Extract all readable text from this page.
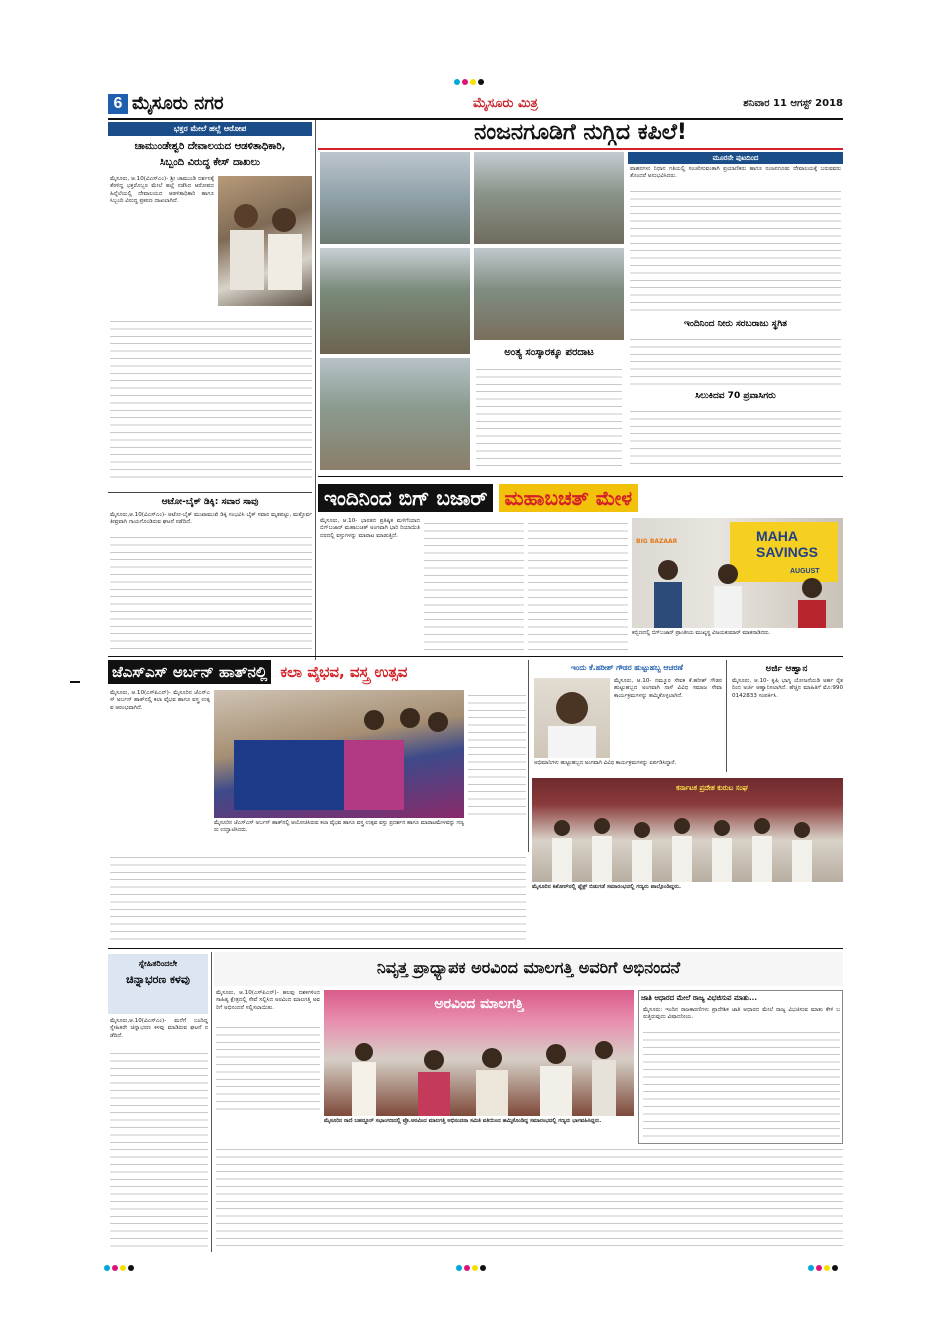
6 ಮೈಸೂರು ನಗರ	ಮೈಸೂರು ಮಿತ್ರ	ಶನಿವಾರ 11 ಆಗಸ್ಟ್ 2018
ಭಕ್ತರ ಮೇಲೆ ಹಲ್ಲೆ ಆರೋಪ
ಚಾಮುಂಡೇಶ್ವರಿ ದೇವಾಲಯದ ಆಡಳಿತಾಧಿಕಾರಿ,
ಸಿಬ್ಬಂದಿ ವಿರುದ್ಧ ಕೇಸ್ ದಾಖಲು
ಮೈಸೂರು, ಆ.10(ವಿಎಸ್‌ಎಂ)- ಶ್ರೀ ಚಾಮುಂಡಿ ದರ್ಶನಕ್ಕೆ ತೆರಳಿದ್ದ ಭಕ್ತರೊಬ್ಬರ ಮೇಲೆ ಹಲ್ಲೆ ನಡೆಸಿದ ಆರೋಪದ ಹಿನ್ನೆಲೆಯಲ್ಲಿ ದೇವಾಲಯದ ಆಡಳಿತಾಧಿಕಾರಿ ಹಾಗೂ ಸಿಬ್ಬಂದಿ ವಿರುದ್ಧ ಪ್ರಕರಣ ದಾಖಲಾಗಿದೆ.
ಆಟೋ-ಬೈಕ್ ಡಿಕ್ಕಿ: ಸವಾರ ಸಾವು
ಮೈಸೂರು,ಆ.10(ವಿಎಸ್‌ಎಂ)- ಆಟೋ-ಬೈಕ್ ಮುಖಾಮುಖಿ ಡಿಕ್ಕಿ ಸಂಭವಿಸಿ ಬೈಕ್ ಸವಾರ ಮೃತಪಟ್ಟು, ಮತ್ತೊರ್ವ ತೀವ್ರವಾಗಿ ಗಾಯಗೊಂಡಿರುವ ಘಟನೆ ನಡೆದಿದೆ.
ನಂಜನಗೂಡಿಗೆ ನುಗ್ಗಿದ ಕಪಿಲೆ!
ಅಂತ್ಯ ಸಂಸ್ಕಾರಕ್ಕೂ ಪರದಾಟ
ಮೂರನೇ ಪುಟದಿಂದ
ವಾಹನಗಳು ನಿಧಾನ ಗತಿಯಲ್ಲಿ ಸಂಚರಿಸುವಂತಾಗಿ ಪ್ರಯಾಣಿಕರು ಹಾಗೂ ನಂಜನಗೂಡು ದೇವಾಲಯಕ್ಕೆ ಬರುವವರು ತೊಂದರೆ ಅನುಭವಿಸಿದರು.
ಇಂದಿನಿಂದ ನೀರು ಸರಬರಾಜು ಸ್ಥಗಿತ
ಸಿಲುಕಿದವ 70 ಪ್ರವಾಸಿಗರು
ಇಂದಿನಿಂದ ಬಿಗ್ ಬಜಾರ್ ಮಹಾಬಚತ್ ಮೇಳ
ಮೈಸೂರು, ಆ.10- ಭಾರತದ ಪ್ರತಿಷ್ಠಿತ ಮಳಿಗೆಯಾದ ಬಿಗ್‌ಬಜಾರ್ ಮಹಾಬಚತ್ ಅಂಗವಾಗಿ ಭಾರಿ ರಿಯಾಯಿತಿ ದರದಲ್ಲಿ ವಸ್ತುಗಳನ್ನು ಮಾರಾಟ ಮಾಡುತ್ತಿದೆ.
BIG BAZAAR	MAHA
SAVINGS
AUGUST
ಕಬ್ಬಿಣದಲ್ಲಿ ಬಿಗ್‌ಬಜಾರ್ ಪ್ರಾಂತೀಯ ಮುಖ್ಯಸ್ಥ ವಿಜಯಕುಮಾರ್ ಮಾತನಾಡಿದರು.
ಜೆಎಸ್‌ಎಸ್ ಅರ್ಬನ್ ಹಾತ್‌ನಲ್ಲಿ ಕಲಾ ವೈಭವ, ವಸ್ತ್ರ ಉತ್ಸವ
ಮೈಸೂರು, ಆ.10(ಎಸ್‌ಪಿಎನ್)- ಮೈಸೂರಿನ ಜೆಎಸ್‌ಎಸ್ ಅರ್ಬನ್ ಹಾತ್‌ನಲ್ಲಿ ಕಲಾ ವೈಭವ ಹಾಗೂ ವಸ್ತ್ರ ಉತ್ಸವ ಆರಂಭವಾಗಿದೆ.
ಮೈಸೂರಿನ ಜೆಎಸ್‌ಎಸ್ ಅರ್ಬನ್ ಹಾತ್‌ನಲ್ಲಿ ಆಯೋಜಿಸಿರುವ ಕಲಾ ವೈಭವ ಹಾಗೂ ವಸ್ತ್ರ ಉತ್ಸವ ವಸ್ತು ಪ್ರದರ್ಶನ ಹಾಗೂ ಮಾರಾಟಮೇಳವನ್ನು ಗಣ್ಯರು ಉದ್ಘಾಟಿಸಿದರು.
ಇಂದು ಕೆ.ಹರೀಶ್ ಗೌಡರ ಹುಟ್ಟುಹಬ್ಬ ಆಚರಣೆ
ಮೈಸೂರು, ಆ.10- ನಮ್ಮೂರ ಸೇವಕ ಕೆ.ಹರೀಶ್ ಗೌಡರ ಹುಟ್ಟುಹಬ್ಬದ ಅಂಗವಾಗಿ ನಾಳೆ ವಿವಿಧ ಸಮಾಜ ಸೇವಾ ಕಾರ್ಯಕ್ರಮಗಳನ್ನು ಹಮ್ಮಿಕೊಳ್ಳಲಾಗಿದೆ.
ಅಭಿಮಾನಿಗಳು ಹುಟ್ಟುಹಬ್ಬದ ಅಂಗವಾಗಿ ವಿವಿಧ ಕಾರ್ಯಕ್ರಮಗಳನ್ನು ಏರ್ಪಡಿಸಿದ್ದಾರೆ.
ಅರ್ಜಿ ಆಹ್ವಾನ
ಮೈಸೂರು, ಆ.10- ಕೃಷಿ ಭಾಗ್ಯ ಯೋಜನೆಯಡಿ ಅರ್ಹ ರೈತರಿಂದ ಅರ್ಜಿ ಆಹ್ವಾನಿಸಲಾಗಿದೆ. ಹೆಚ್ಚಿನ ಮಾಹಿತಿಗೆ ಮೊ:9900142833 ಸಂಪರ್ಕಿಸಿ.
ಕರ್ನಾಟಕ ಪ್ರದೇಶ ಕುರುಬ ಸಂಘ
ಮೈಸೂರಿನ ಕಿಶೋರ್‌ನಲ್ಲಿ ಫ್ಲೆಕ್ಸ್ ಬಿಡುಗಡೆ ಸಮಾರಂಭದಲ್ಲಿ ಗಣ್ಯರು ಪಾಲ್ಗೊಂಡಿದ್ದರು.
ಸ್ನೇಹಿತರಿಂದಲೇ
ಚಿನ್ನಾಭರಣ ಕಳವು
ಮೈಸೂರು,ಆ.10(ವಿಎಸ್‌ಎಂ)- ಮನೆಗೆ ಬಂದಿದ್ದ ಸ್ನೇಹಿತರೇ ಚಿನ್ನಾಭರಣ ಕಳವು ಮಾಡಿರುವ ಘಟನೆ ನಡೆದಿದೆ.
ನಿವೃತ್ತ ಪ್ರಾಧ್ಯಾಪಕ ಅರವಿಂದ ಮಾಲಗತ್ತಿ ಅವರಿಗೆ ಅಭಿನಂದನೆ
ಮೈಸೂರು, ಆ.10(ಎಸ್‌ಪಿಎನ್)- ಹಲವು ದಶಕಗಳಿಂದ ಸಾಹಿತ್ಯ ಕ್ಷೇತ್ರದಲ್ಲಿ ಸೇವೆ ಸಲ್ಲಿಸಿದ ಅರವಿಂದ ಮಾಲಗತ್ತಿ ಅವರಿಗೆ ಅಭಿನಂದನೆ ಸಲ್ಲಿಸಲಾಯಿತು.	ಅರವಿಂದ ಮಾಲಗತ್ತಿ
ಮೈಸೂರಿನ ರಾಣಿ ಬಹದ್ದೂರ್ ಸಭಾಂಗಣದಲ್ಲಿ ಪ್ರೊ.ಅರವಿಂದ ಮಾಲಗತ್ತಿ ಅಭಿನಂದನಾ ಸಮಿತಿ ವತಿಯಿಂದ ಹಮ್ಮಿಕೊಂಡಿದ್ದ ಸಮಾರಂಭದಲ್ಲಿ ಗಣ್ಯರು ಭಾಗವಹಿಸಿದ್ದರು.
ಜಾತಿ ಆಧಾರದ ಮೇಲೆ ರಾಜ್ಯ ವಿಭಜಿಸುವ ಮಾತು...
ಮೈಸೂರು: ಇಂದಿನ ರಾಜಕಾರಣಿಗಳು ಪ್ರಾದೇಶಿಕ ಜಾತಿ ಆಧಾರದ ಮೇಲೆ ರಾಜ್ಯ ವಿಭಜಿಸುವ ಮಾತು ಕೇಳಿ ಬರುತ್ತಿರುವುದು ವಿಷಾದನೀಯ.
